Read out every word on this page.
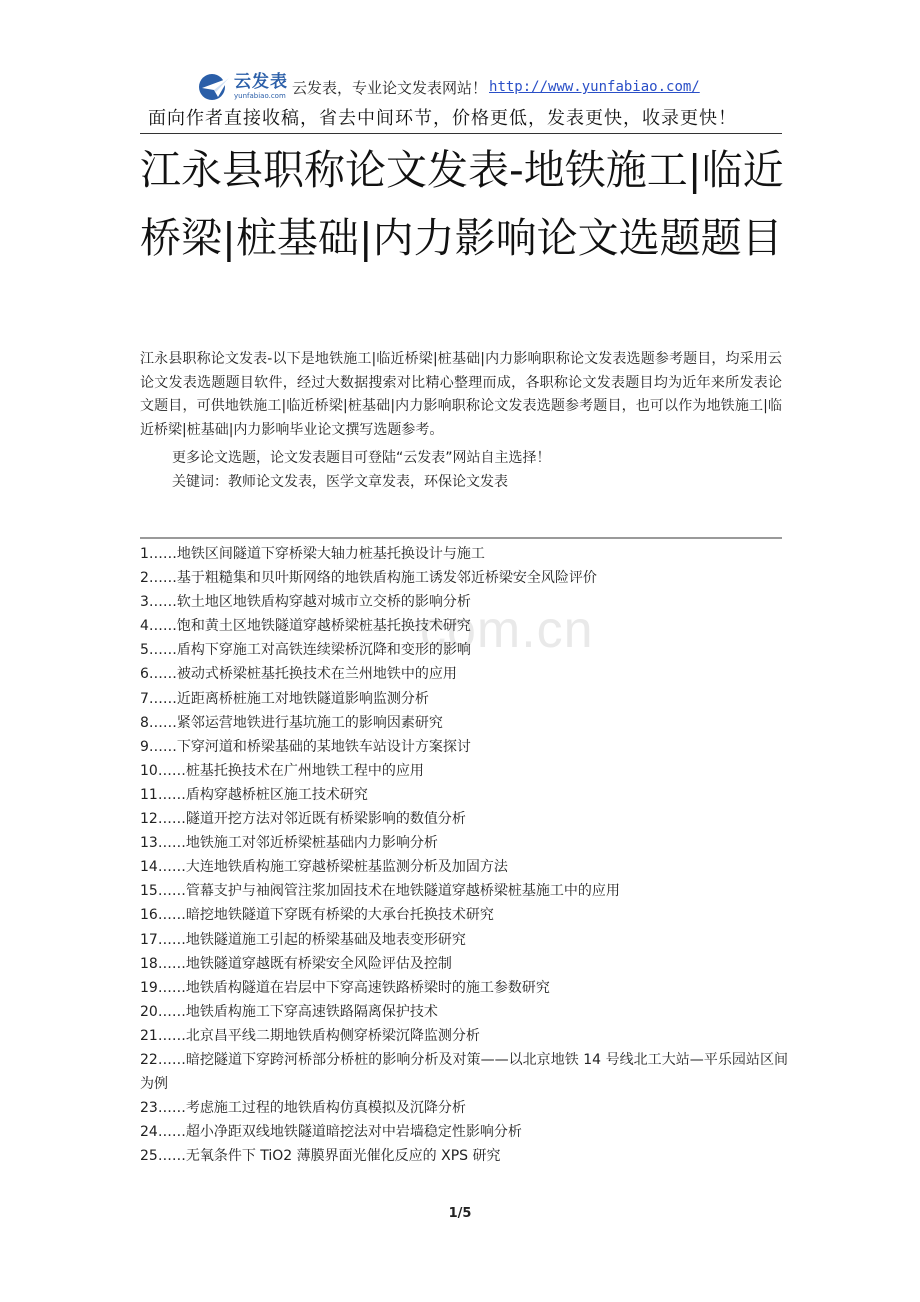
云发表
yunfabiao.com 云发表，专业论文发表网站！ http://www.yunfabiao.com/
面向作者直接收稿，省去中间环节，价格更低，发表更快，收录更快！
江永县职称论文发表-地铁施工|临近桥梁|桩基础|内力影响论文选题题目

江永县职称论文发表-以下是地铁施工|临近桥梁|桩基础|内力影响职称论文发表选题参考题目，均采用云论文发表选题题目软件，经过大数据搜索对比精心整理而成，各职称论文发表题目均为近年来所发表论文题目，可供地铁施工|临近桥梁|桩基础|内力影响职称论文发表选题参考题目，也可以作为地铁施工|临近桥梁|桩基础|内力影响毕业论文撰写选题参考。

更多论文选题，论文发表题目可登陆“云发表”网站自主选择！
关键词：教师论文发表，医学文章发表，环保论文发表
com.cn
1……地铁区间隧道下穿桥梁大轴力桩基托换设计与施工
2……基于粗糙集和贝叶斯网络的地铁盾构施工诱发邻近桥梁安全风险评价
3……软土地区地铁盾构穿越对城市立交桥的影响分析
4……饱和黄土区地铁隧道穿越桥梁桩基托换技术研究
5……盾构下穿施工对高铁连续梁桥沉降和变形的影响
6……被动式桥梁桩基托换技术在兰州地铁中的应用
7……近距离桥桩施工对地铁隧道影响监测分析
8……紧邻运营地铁进行基坑施工的影响因素研究
9……下穿河道和桥梁基础的某地铁车站设计方案探讨
10……桩基托换技术在广州地铁工程中的应用
11……盾构穿越桥桩区施工技术研究
12……隧道开挖方法对邻近既有桥梁影响的数值分析
13……地铁施工对邻近桥梁桩基础内力影响分析
14……大连地铁盾构施工穿越桥梁桩基监测分析及加固方法
15……管幕支护与袖阀管注浆加固技术在地铁隧道穿越桥梁桩基施工中的应用
16……暗挖地铁隧道下穿既有桥梁的大承台托换技术研究
17……地铁隧道施工引起的桥梁基础及地表变形研究
18……地铁隧道穿越既有桥梁安全风险评估及控制
19……地铁盾构隧道在岩层中下穿高速铁路桥梁时的施工参数研究
20……地铁盾构施工下穿高速铁路隔离保护技术
21……北京昌平线二期地铁盾构侧穿桥梁沉降监测分析
22……暗挖隧道下穿跨河桥部分桥桩的影响分析及对策——以北京地铁 14 号线北工大站—平乐园站区间为例
23……考虑施工过程的地铁盾构仿真模拟及沉降分析
24……超小净距双线地铁隧道暗挖法对中岩墙稳定性影响分析
25……无氧条件下 TiO2 薄膜界面光催化反应的 XPS 研究
1/5
